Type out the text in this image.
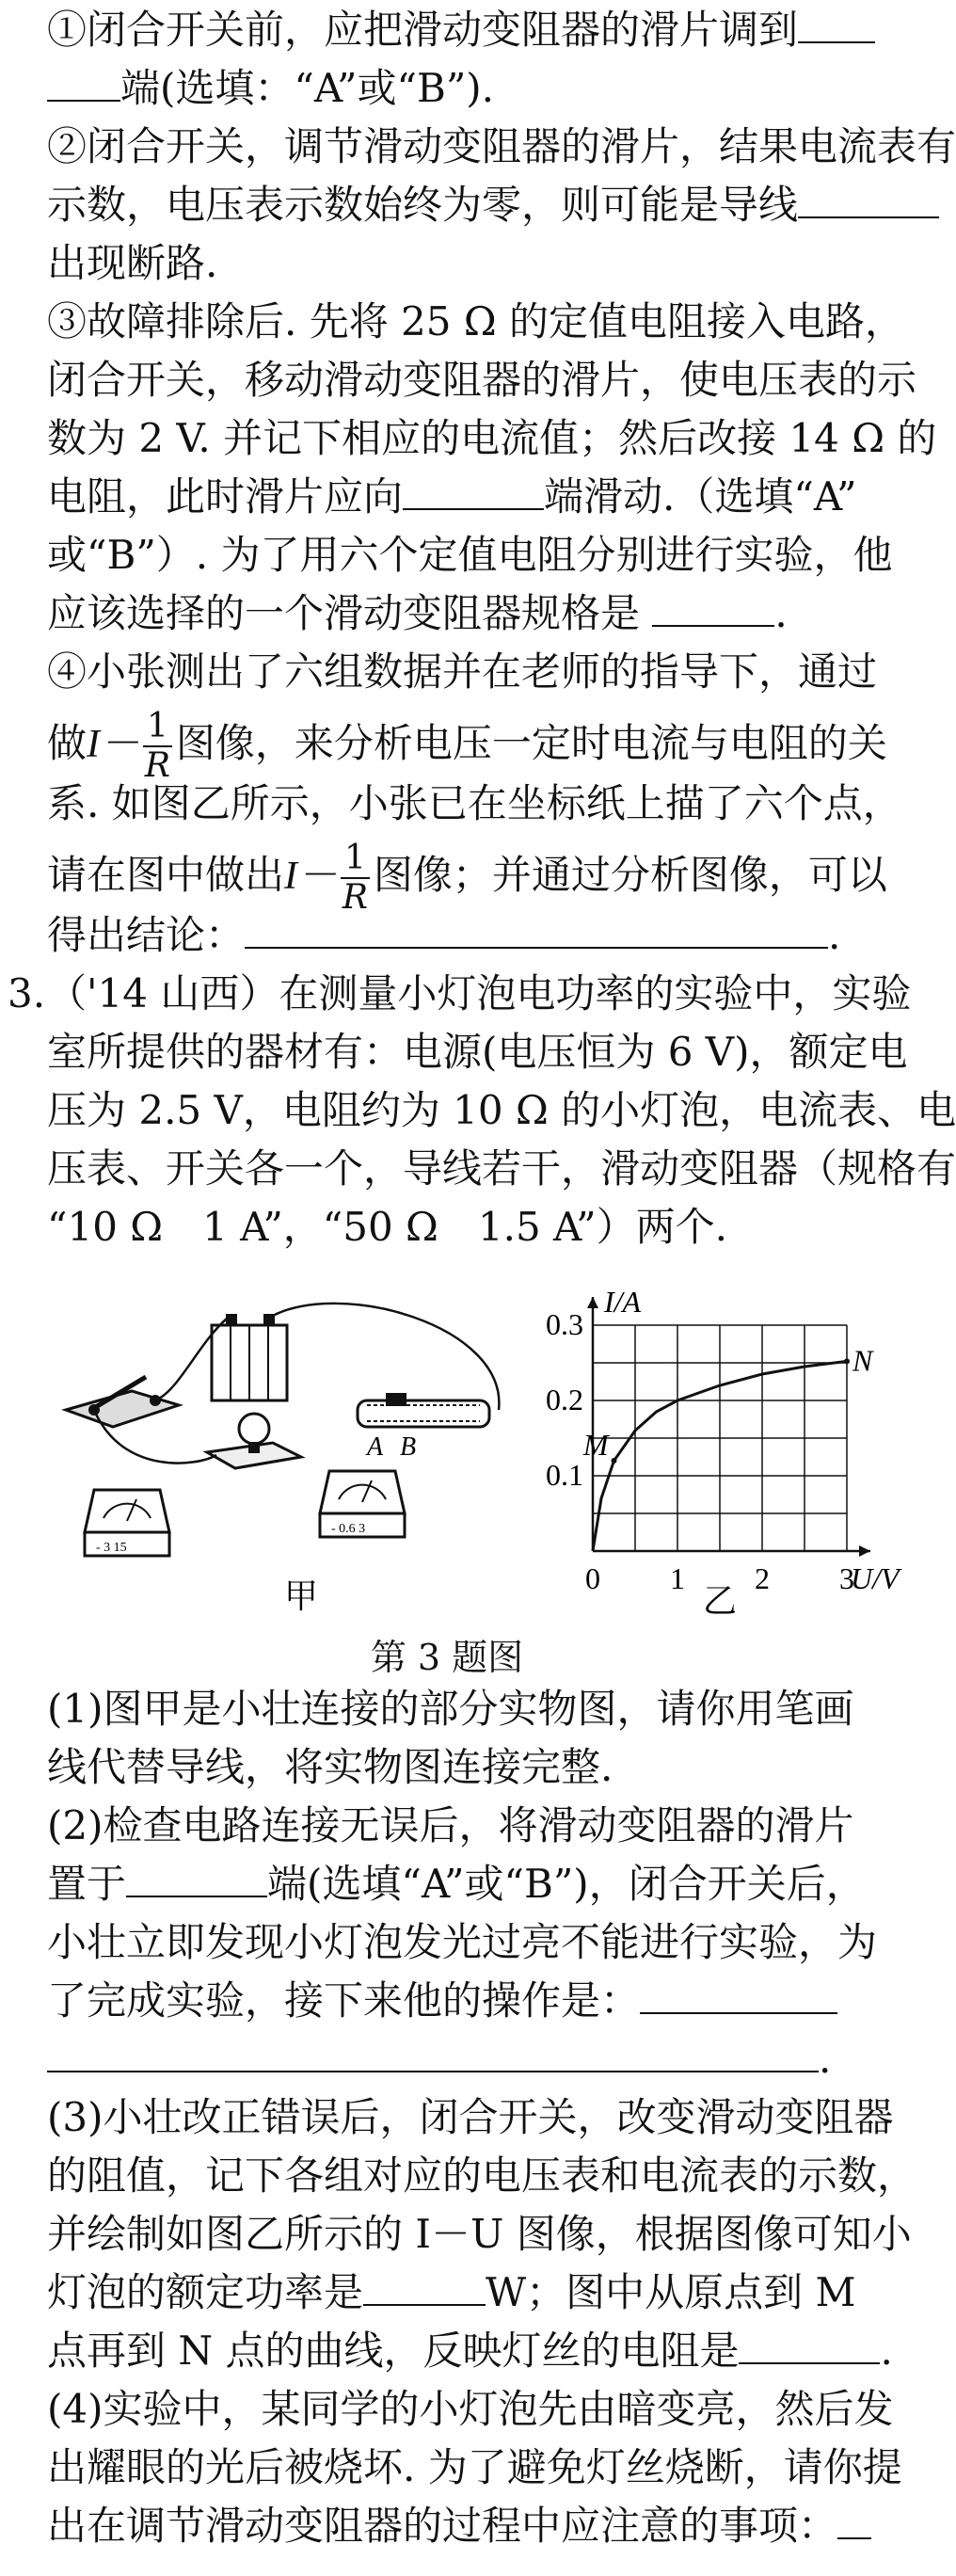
①闭合开关前，应把滑动变阻器的滑片调到
端(选填：“A”或“B”).
②闭合开关，调节滑动变阻器的滑片，结果电流表有
示数，电压表示数始终为零，则可能是导线
出现断路.
③故障排除后. 先将 25 Ω 的定值电阻接入电路，
闭合开关，移动滑动变阻器的滑片，使电压表的示
数为 2 V. 并记下相应的电流值；然后改接 14 Ω 的
电阻，此时滑片应向	端滑动.（选填“A”
或“B”）. 为了用六个定值电阻分别进行实验，他
应该选择的一个滑动变阻器规格是	.
④小张测出了六组数据并在老师的指导下，通过
做$I- \frac{1}{R}$ 图像，来分析电压一定时电流与电阻的关
系. 如图乙所示，小张已在坐标纸上描了六个点，
请在图中做出$I- \frac{1}{R}$ 图像；并通过分析图像，可以
得出结论：	.
3. （'14 山西）在测量小灯泡电功率的实验中，实验
室所提供的器材有：电源(电压恒为 6 V)，额定电
压为 2.5 V，电阻约为 10 Ω 的小灯泡，电流表、电
压表、开关各一个，导线若干，滑动变阻器（规格有
“10 Ω　1 A”，“50 Ω　1.5 A”）两个.
A B
- 3 15
- 0.6 3
甲
I/A
U/V
0 1 2 3
0.1
0.2
0.3
M
N
乙
第 3 题图
(1)图甲是小壮连接的部分实物图，请你用笔画
线代替导线，将实物图连接完整.
(2)检查电路连接无误后，将滑动变阻器的滑片
置于	端(选填“A”或“B”)，闭合开关后，
小壮立即发现小灯泡发光过亮不能进行实验，为
了完成实验，接下来他的操作是：
.
(3)小壮改正错误后，闭合开关，改变滑动变阻器
的阻值，记下各组对应的电压表和电流表的示数，
并绘制如图乙所示的 I－U 图像，根据图像可知小
灯泡的额定功率是	W；图中从原点到 M
点再到 N 点的曲线，反映灯丝的电阻是	.
(4)实验中，某同学的小灯泡先由暗变亮，然后发
出耀眼的光后被烧坏. 为了避免灯丝烧断，请你提
出在调节滑动变阻器的过程中应注意的事项：
